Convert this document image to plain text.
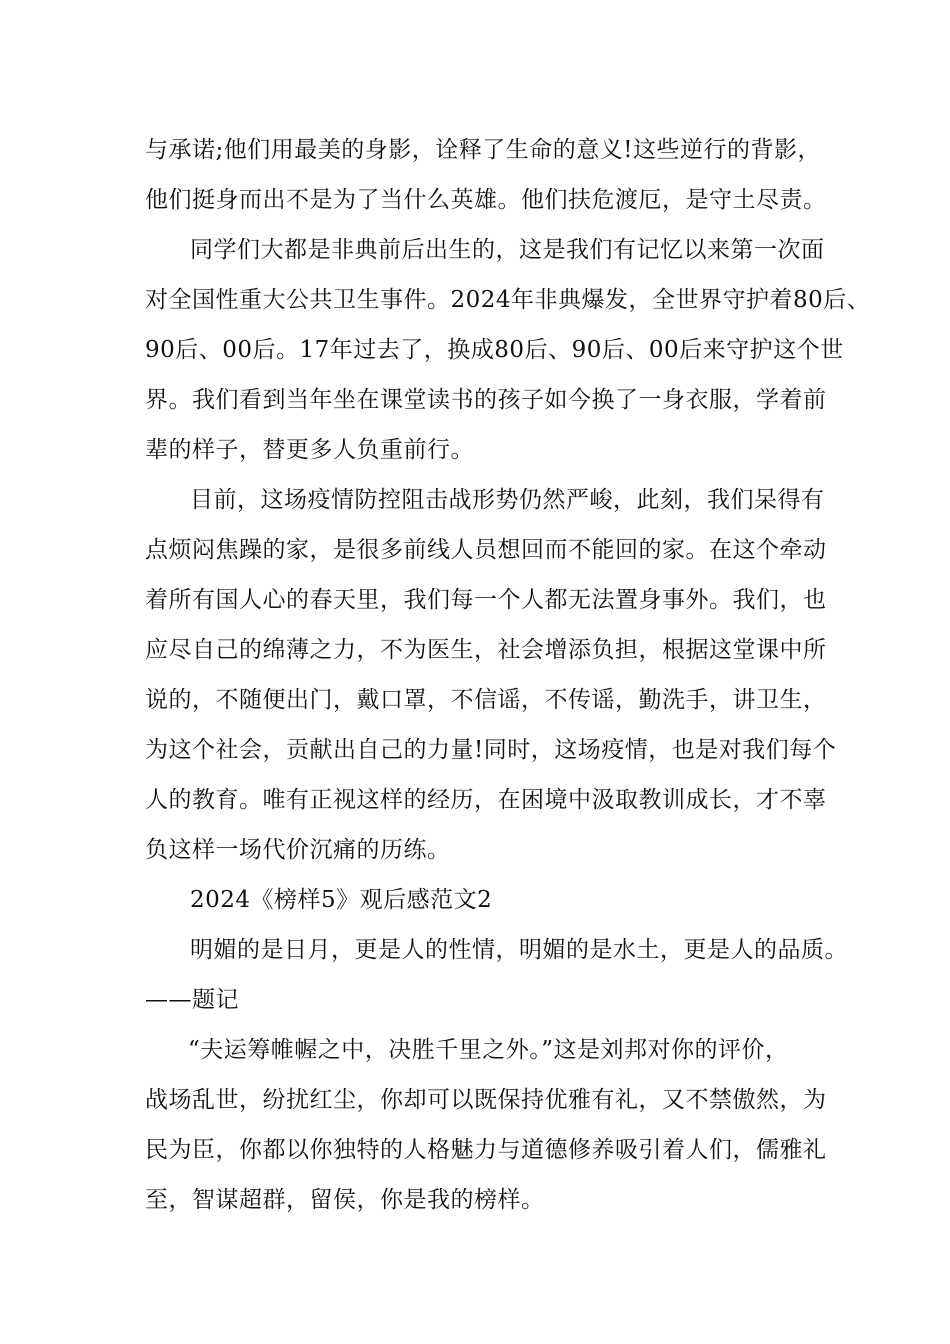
与承诺;他们用最美的身影，诠释了生命的意义!这些逆行的背影，
他们挺身而出不是为了当什么英雄。他们扶危渡厄，是守土尽责。
同学们大都是非典前后出生的，这是我们有记忆以来第一次面
对全国性重大公共卫生事件。2024年非典爆发，全世界守护着80后、
90后、00后。17年过去了，换成80后、90后、00后来守护这个世
界。我们看到当年坐在课堂读书的孩子如今换了一身衣服，学着前
辈的样子，替更多人负重前行。
目前，这场疫情防控阻击战形势仍然严峻，此刻，我们呆得有
点烦闷焦躁的家，是很多前线人员想回而不能回的家。在这个牵动
着所有国人心的春天里，我们每一个人都无法置身事外。我们，也
应尽自己的绵薄之力，不为医生，社会增添负担，根据这堂课中所
说的，不随便出门，戴口罩，不信谣，不传谣，勤洗手，讲卫生，
为这个社会，贡献出自己的力量!同时，这场疫情，也是对我们每个
人的教育。唯有正视这样的经历，在困境中汲取教训成长，才不辜
负这样一场代价沉痛的历练。
2024《榜样5》观后感范文2
明媚的是日月，更是人的性情，明媚的是水土，更是人的品质。
——题记
“夫运筹帷幄之中，决胜千里之外。”这是刘邦对你的评价，
战场乱世，纷扰红尘，你却可以既保持优雅有礼，又不禁傲然，为
民为臣，你都以你独特的人格魅力与道德修养吸引着人们，儒雅礼
至，智谋超群，留侯，你是我的榜样。
